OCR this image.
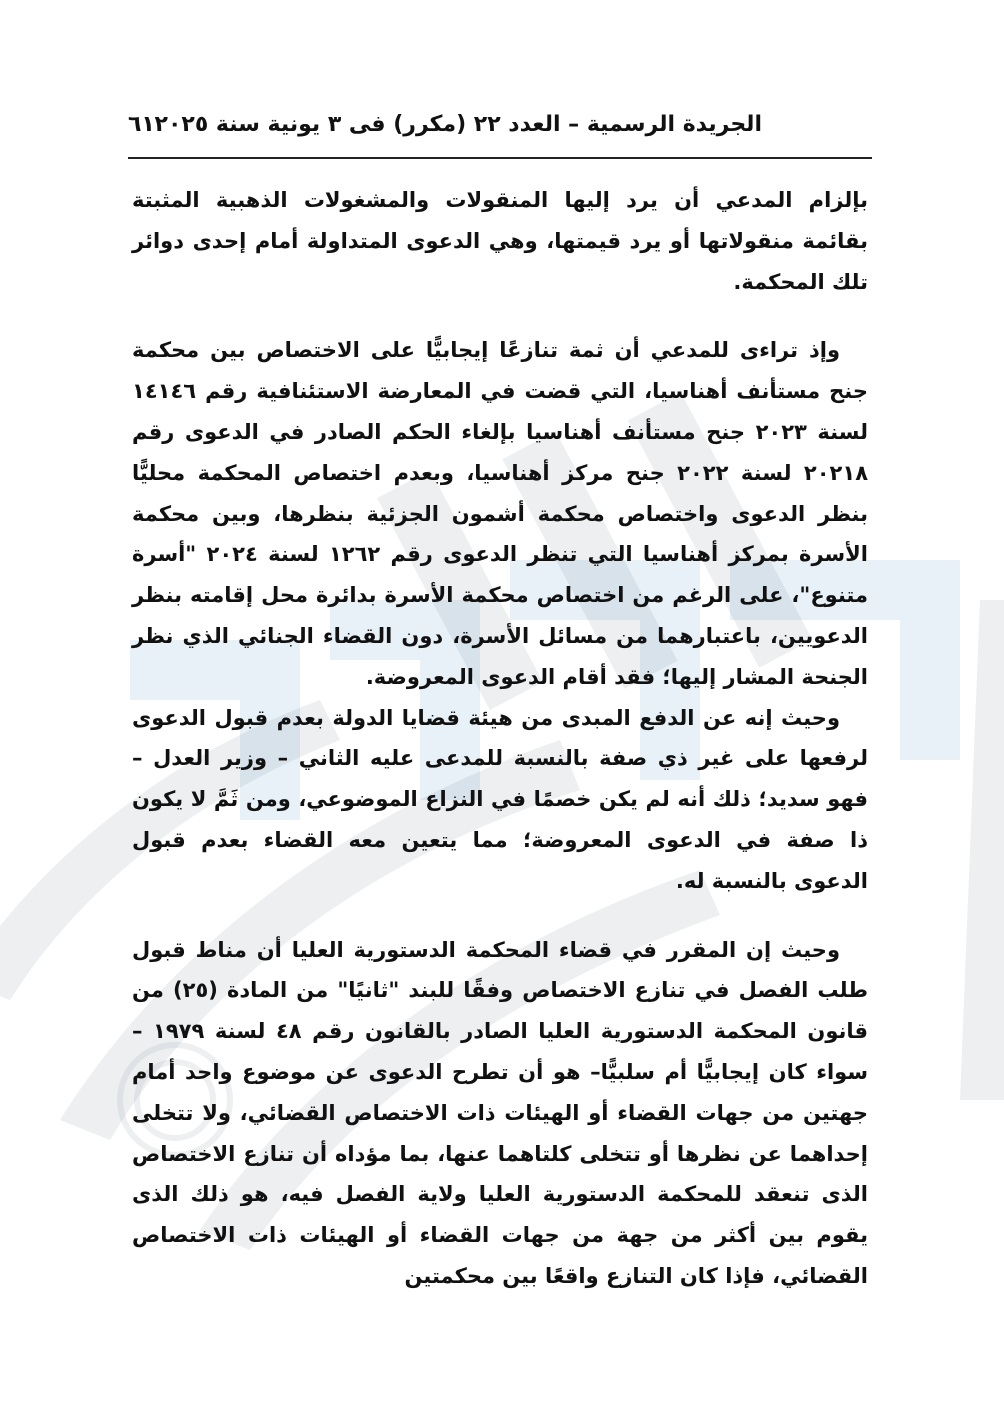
الجريدة الرسمية – العدد ٢٢ (مكرر) فى ٣ يونية سنة ٢٠٢٥
٦١

بإلزام المدعي أن يرد إليها المنقولات والمشغولات الذهبية المثبتة بقائمة منقولاتها أو يرد قيمتها، وهي الدعوى المتداولة أمام إحدى دوائر تلك المحكمة.

وإذ تراءى للمدعي أن ثمة تنازعًا إيجابيًّا على الاختصاص بين محكمة جنح مستأنف أهناسيا، التي قضت في المعارضة الاستئنافية رقم ١٤١٤٦ لسنة ٢٠٢٣ جنح مستأنف أهناسيا بإلغاء الحكم الصادر في الدعوى رقم ٢٠٢١٨ لسنة ٢٠٢٢ جنح مركز أهناسيا، وبعدم اختصاص المحكمة محليًّا بنظر الدعوى واختصاص محكمة أشمون الجزئية بنظرها، وبين محكمة الأسرة بمركز أهناسيا التي تنظر الدعوى رقم ١٢٦٢ لسنة ٢٠٢٤ "أسرة متنوع"، على الرغم من اختصاص محكمة الأسرة بدائرة محل إقامته بنظر الدعويين، باعتبارهما من مسائل الأسرة، دون القضاء الجنائي الذي نظر الجنحة المشار إليها؛ فقد أقام الدعوى المعروضة.

وحيث إنه عن الدفع المبدى من هيئة قضايا الدولة بعدم قبول الدعوى لرفعها على غير ذي صفة بالنسبة للمدعى عليه الثاني – وزير العدل – فهو سديد؛ ذلك أنه لم يكن خصمًا في النزاع الموضوعي، ومن ثَمَّ لا يكون ذا صفة في الدعوى المعروضة؛ مما يتعين معه القضاء بعدم قبول الدعوى بالنسبة له.

وحيث إن المقرر في قضاء المحكمة الدستورية العليا أن مناط قبول طلب الفصل في تنازع الاختصاص وفقًا للبند "ثانيًا" من المادة (٢٥) من قانون المحكمة الدستورية العليا الصادر بالقانون رقم ٤٨ لسنة ١٩٧٩ – سواء كان إيجابيًّا أم سلبيًّا– هو أن تطرح الدعوى عن موضوع واحد أمام جهتين من جهات القضاء أو الهيئات ذات الاختصاص القضائي، ولا تتخلى إحداهما عن نظرها أو تتخلى كلتاهما عنها، بما مؤداه أن تنازع الاختصاص الذى تنعقد للمحكمة الدستورية العليا ولاية الفصل فيه، هو ذلك الذى يقوم بين أكثر من جهة من جهات القضاء أو الهيئات ذات الاختصاص القضائي، فإذا كان التنازع واقعًا بين محكمتين
